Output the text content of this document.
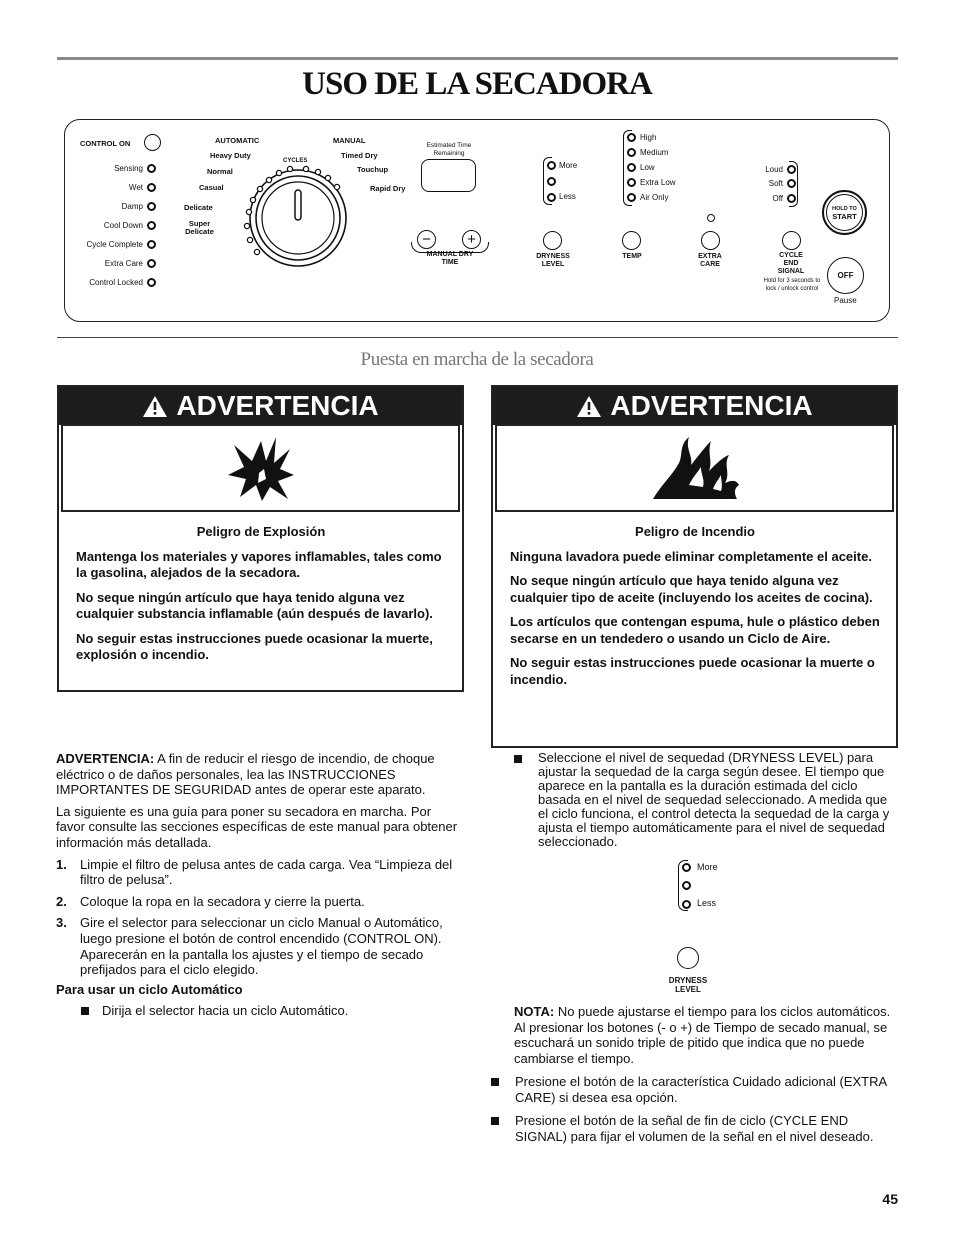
USO DE LA SECADORA
CONTROL ON
Sensing
Wet
Damp
Cool Down
Cycle Complete
Extra Care
Control Locked
AUTOMATIC	MANUAL
CYCLES
Heavy Duty
Normal
Casual
Delicate
Super Delicate
Timed Dry
Touchup
Rapid Dry
Estimated Time Remaining
−	+
MANUAL DRY TIME
More
Less
DRYNESS LEVEL
High
Medium
Low
Extra Low
Air Only
TEMP	EXTRA CARE
Loud
Soft
Off
CYCLE END SIGNAL
Hold for 3 seconds to lock / unlock control
HOLD TO
START
OFF
Pause
Puesta en marcha de la secadora
ADVERTENCIA

Peligro de Explosión

Mantenga los materiales y vapores inflamables, tales como la gasolina, alejados de la secadora.

No seque ningún artículo que haya tenido alguna vez cualquier substancia inflamable (aún después de lavarlo).

No seguir estas instrucciones puede ocasionar la muerte, explosión o incendio.

ADVERTENCIA

Peligro de Incendio

Ninguna lavadora puede eliminar completamente el aceite.

No seque ningún artículo que haya tenido alguna vez cualquier tipo de aceite (incluyendo los aceites de cocina).

Los artículos que contengan espuma, hule o plástico deben secarse en un tendedero o usando un Ciclo de Aire.

No seguir estas instrucciones puede ocasionar la muerte o incendio.

ADVERTENCIA: A fin de reducir el riesgo de incendio, de choque eléctrico o de daños personales, lea las INSTRUCCIONES IMPORTANTES DE SEGURIDAD antes de operar este aparato.

La siguiente es una guía para poner su secadora en marcha. Por favor consulte las secciones específicas de este manual para obtener información más detallada.

1. Limpie el filtro de pelusa antes de cada carga. Vea “Limpieza del filtro de pelusa”.
2. Coloque la ropa en la secadora y cierre la puerta.
3. Gire el selector para seleccionar un ciclo Manual o Automático, luego presione el botón de control encendido (CONTROL ON). Aparecerán en la pantalla los ajustes y el tiempo de secado prefijados para el ciclo elegido.

Para usar un ciclo Automático

Dirija el selector hacia un ciclo Automático.
Seleccione el nivel de sequedad (DRYNESS LEVEL) para ajustar la sequedad de la carga según desee. El tiempo que aparece en la pantalla es la duración estimada del ciclo basada en el nivel de sequedad seleccionado. A medida que el ciclo funciona, el control detecta la sequedad de la carga y ajusta el tiempo automáticamente para el nivel de sequedad seleccionado.
More
Less
DRYNESS LEVEL

NOTA: No puede ajustarse el tiempo para los ciclos automáticos. Al presionar los botones (- o +) de Tiempo de secado manual, se escuchará un sonido triple de pitido que indica que no puede cambiarse el tiempo.

Presione el botón de la característica Cuidado adicional (EXTRA CARE) si desea esa opción.
Presione el botón de la señal de fin de ciclo (CYCLE END SIGNAL) para fijar el volumen de la señal en el nivel deseado.
45
